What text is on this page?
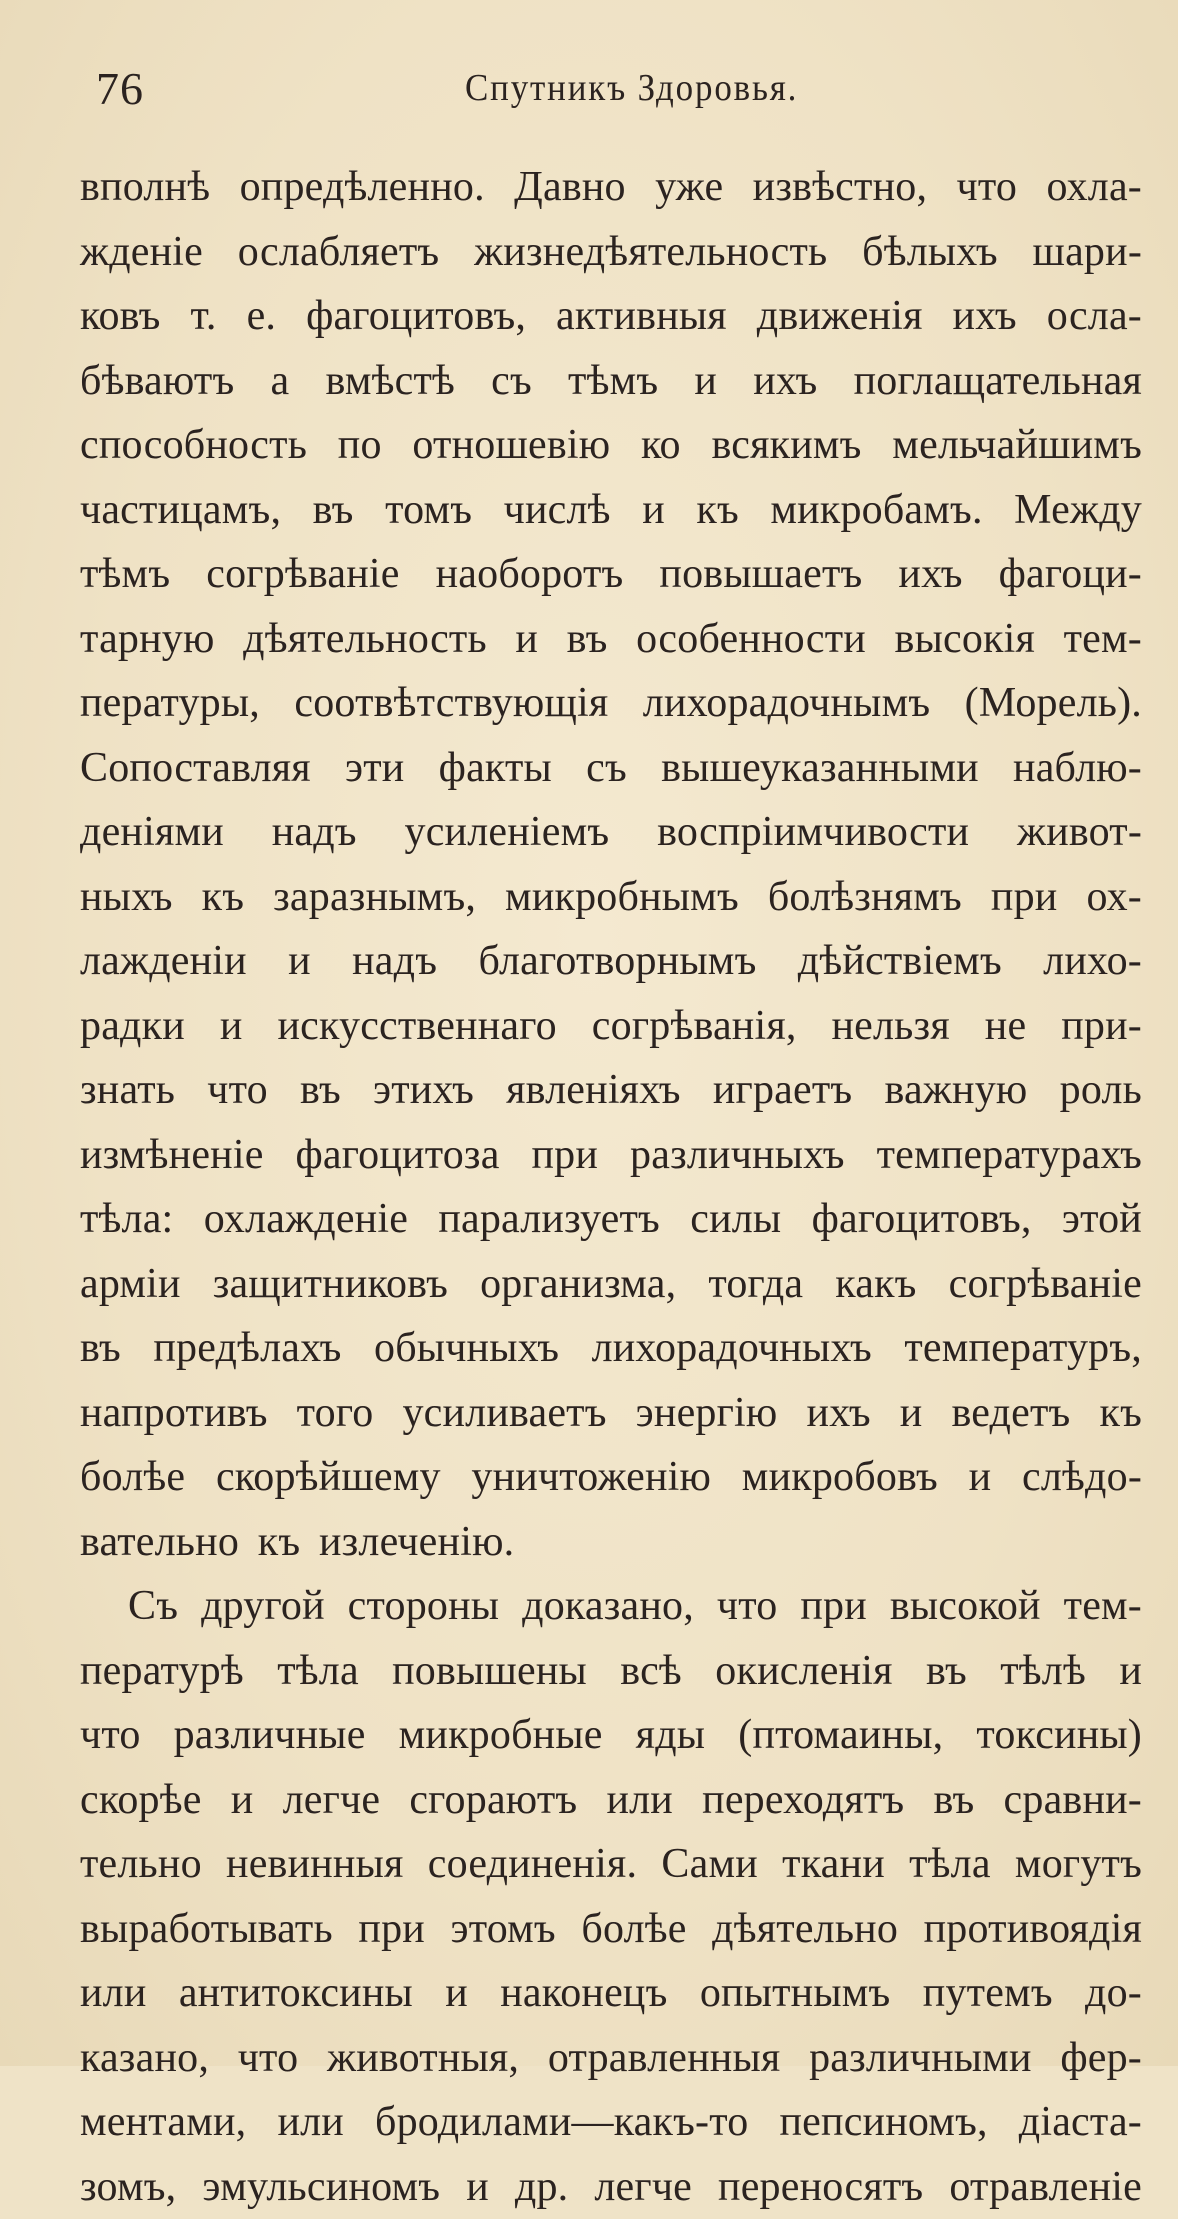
76	Спутникъ Здоровья.
вполнѣ опредѣленно. Давно уже извѣстно, что охла-
жденіе ослабляетъ жизнедѣятельность бѣлыхъ шари-
ковъ т. е. фагоцитовъ, активныя движенія ихъ осла-
бѣваютъ а вмѣстѣ съ тѣмъ и ихъ поглащательная
способность по отношевію ко всякимъ мельчайшимъ
частицамъ, въ томъ числѣ и къ микробамъ. Между
тѣмъ согрѣваніе наоборотъ повышаетъ ихъ фагоци-
тарную дѣятельность и въ особенности высокія тем-
пературы, соотвѣтствующія лихорадочнымъ (Морель).
Сопоставляя эти факты съ вышеуказанными наблю-
деніями надъ усиленіемъ воспріимчивости живот-
ныхъ къ заразнымъ, микробнымъ болѣзнямъ при ох-
лажденіи и надъ благотворнымъ дѣйствіемъ лихо-
радки и искусственнаго согрѣванія, нельзя не при-
знать что въ этихъ явленіяхъ играетъ важную роль
измѣненіе фагоцитоза при различныхъ температурахъ
тѣла: охлажденіе парализуетъ силы фагоцитовъ, этой
арміи защитниковъ организма, тогда какъ согрѣваніе
въ предѣлахъ обычныхъ лихорадочныхъ температуръ,
напротивъ того усиливаетъ энергію ихъ и ведетъ къ
болѣе скорѣйшему уничтоженію микробовъ и слѣдо-
вательно къ излеченію.
Съ другой стороны доказано, что при высокой тем-
пературѣ тѣла повышены всѣ окисленія въ тѣлѣ и
что различные микробные яды (птомаины, токсины)
скорѣе и легче сгораютъ или переходятъ въ сравни-
тельно невинныя соединенія. Сами ткани тѣла могутъ
выработывать при этомъ болѣе дѣятельно противоядія
или антитоксины и наконецъ опытнымъ путемъ до-
казано, что животныя, отравленныя различными фер-
ментами, или бродилами—какъ-то пепсиномъ, діаста-
зомъ, эмульсиномъ и др. легче переносятъ отравленіе
